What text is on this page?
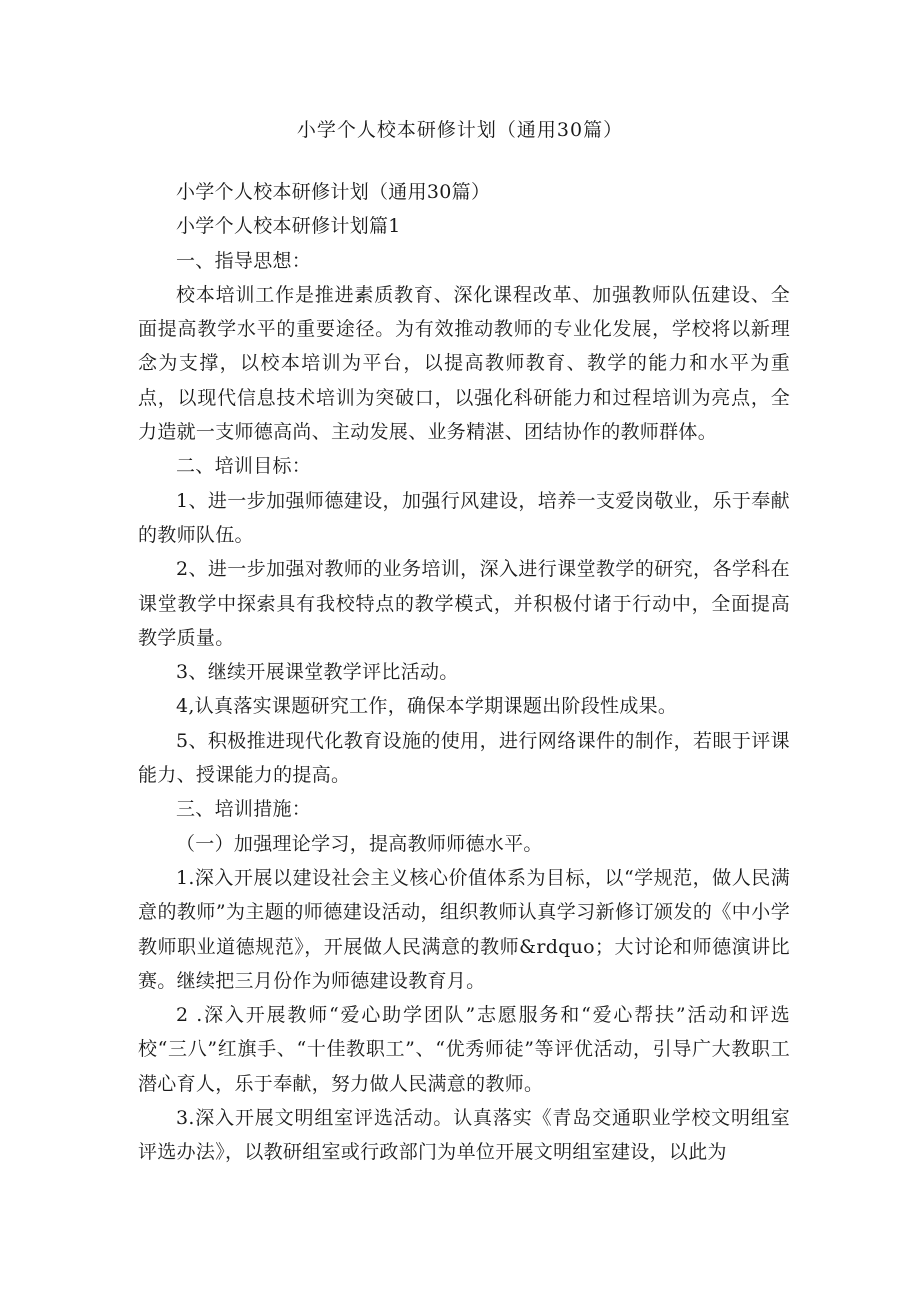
小学个人校本研修计划（通用30篇）

小学个人校本研修计划（通用30篇）

小学个人校本研修计划篇1

一、指导思想：

校本培训工作是推进素质教育、深化课程改革、加强教师队伍建设、全面提高教学水平的重要途径。为有效推动教师的专业化发展，学校将以新理念为支撑，以校本培训为平台，以提高教师教育、教学的能力和水平为重点，以现代信息技术培训为突破口，以强化科研能力和过程培训为亮点，全力造就一支师德高尚、主动发展、业务精湛、团结协作的教师群体。

二、培训目标：

1、进一步加强师德建设，加强行风建设，培养一支爱岗敬业，乐于奉献的教师队伍。

2、进一步加强对教师的业务培训，深入进行课堂教学的研究，各学科在课堂教学中探索具有我校特点的教学模式，并积极付诸于行动中，全面提高教学质量。

3、继续开展课堂教学评比活动。

4,认真落实课题研究工作，确保本学期课题出阶段性成果。

5、积极推进现代化教育设施的使用，进行网络课件的制作，若眼于评课能力、授课能力的提高。

三、培训措施：

（一）加强理论学习，提高教师师德水平。

1.深入开展以建设社会主义核心价值体系为目标，以“学规范，做人民满意的教师”为主题的师德建设活动，组织教师认真学习新修订颁发的《中小学教师职业道德规范》，开展做人民满意的教师&rdquo；大讨论和师德演讲比赛。继续把三月份作为师德建设教育月。

2 .深入开展教师“爱心助学团队”志愿服务和“爱心帮扶”活动和评选校“三八”红旗手、“十佳教职工”、“优秀师徒”等评优活动，引导广大教职工潜心育人，乐于奉献，努力做人民满意的教师。

3.深入开展文明组室评选活动。认真落实《青岛交通职业学校文明组室评选办法》，以教研组室或行政部门为单位开展文明组室建设，以此为
